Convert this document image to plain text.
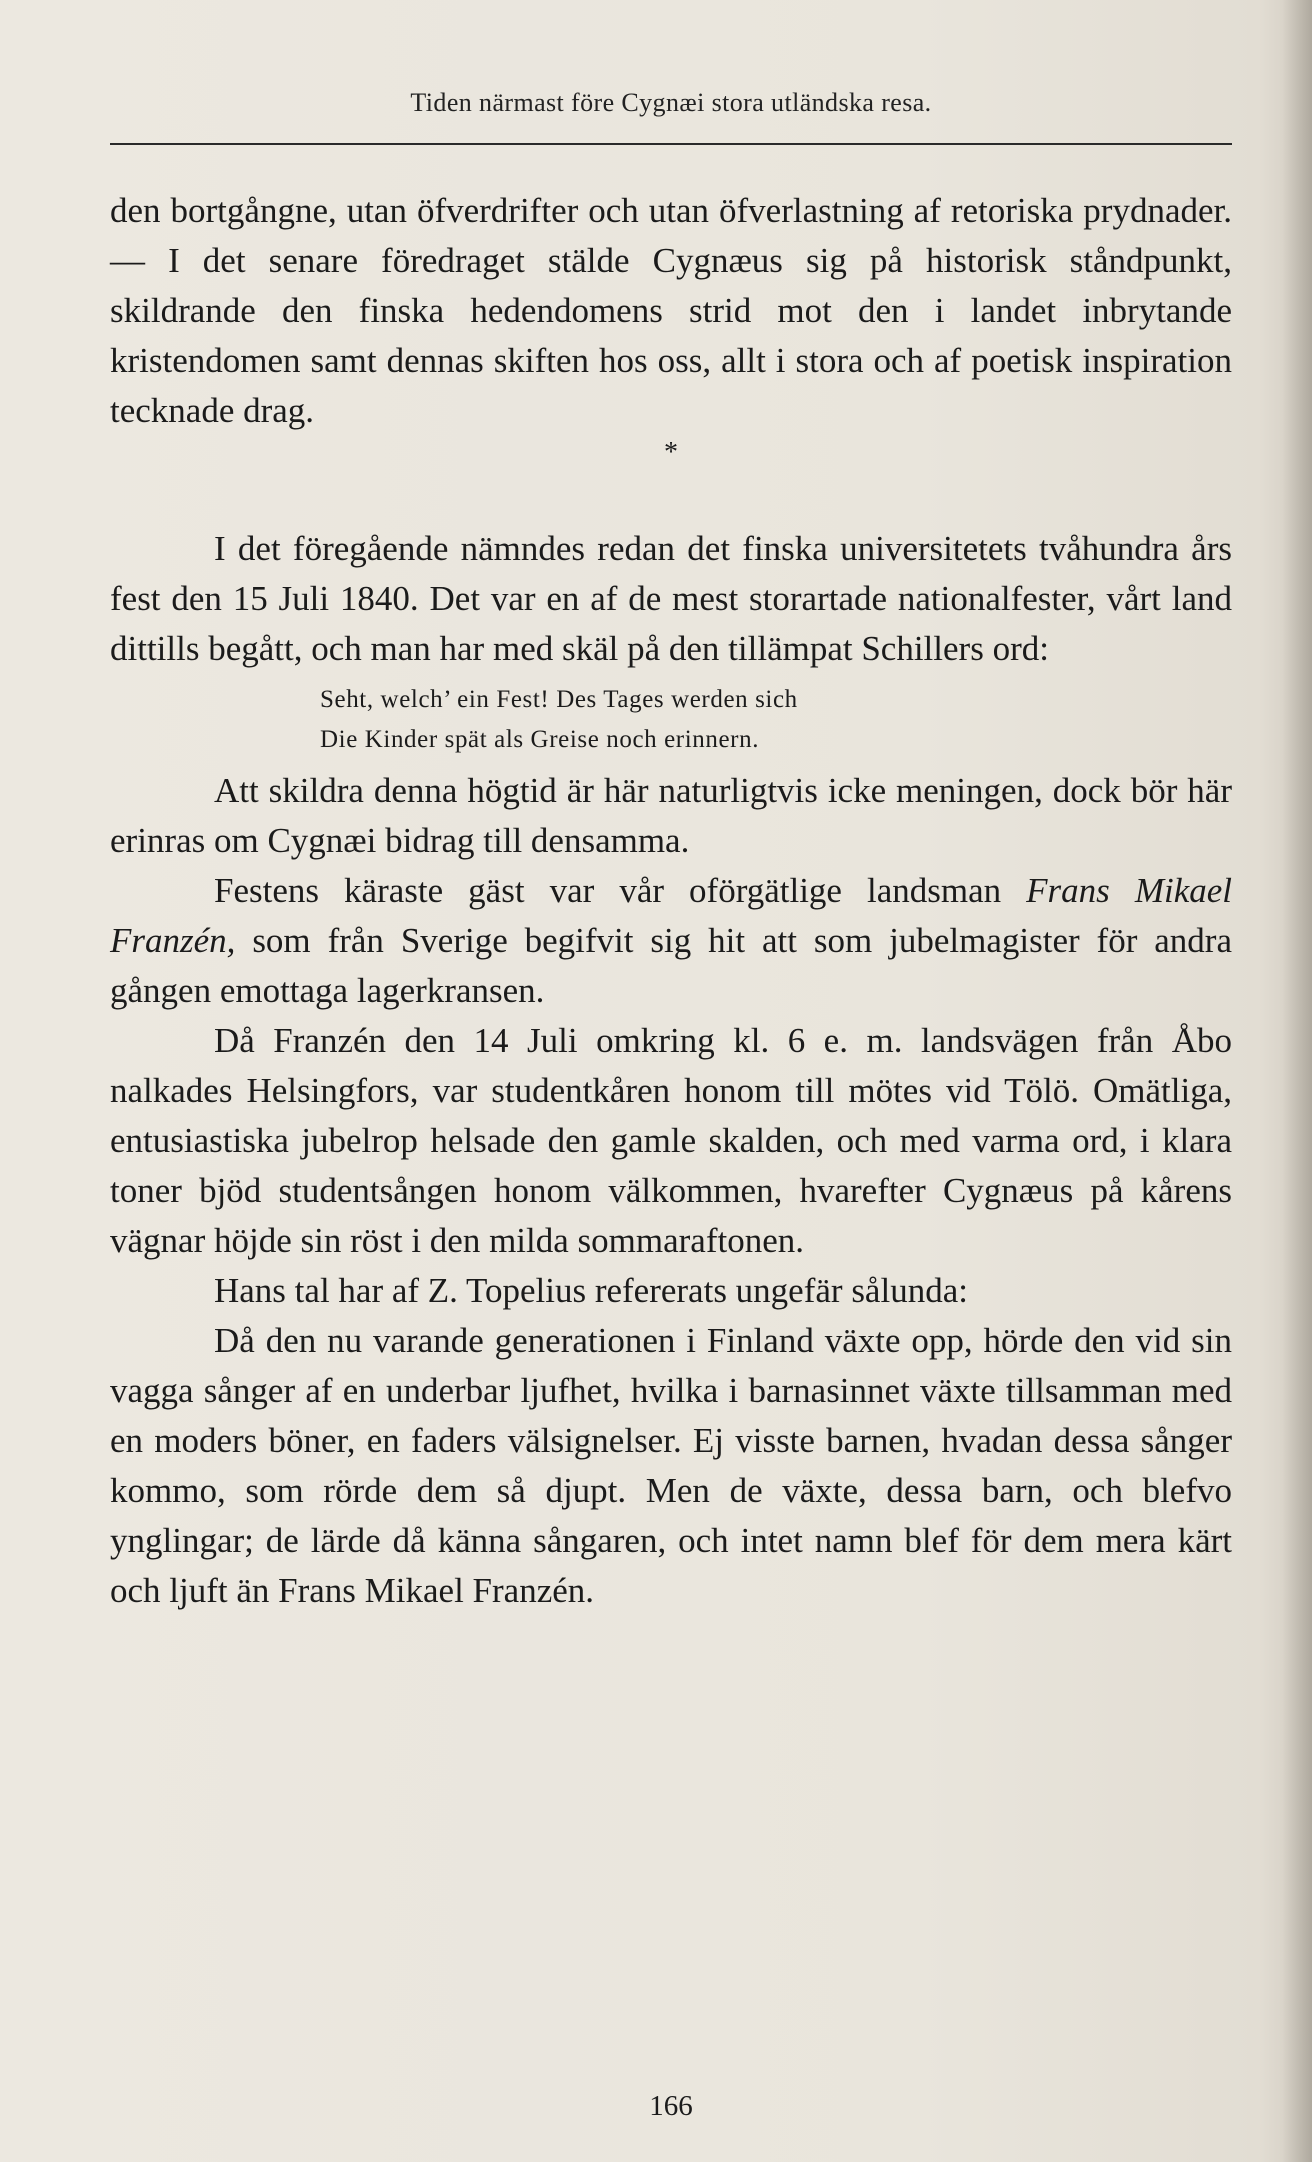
Tiden närmast före Cygnæi stora utländska resa.

den bortgångne, utan öfverdrifter och utan öfverlastning af retoriska prydnader. — I det senare föredraget stälde Cygnæus sig på historisk ståndpunkt, skildrande den finska hedendomens strid mot den i landet inbrytande kristendomen samt dennas skiften hos oss, allt i stora och af poetisk inspiration tecknade drag.

*

I det föregående nämndes redan det finska universitetets tvåhundra års fest den 15 Juli 1840. Det var en af de mest storartade nationalfester, vårt land dittills begått, och man har med skäl på den tillämpat Schillers ord:

Seht, welch’ ein Fest! Des Tages werden sich
Die Kinder spät als Greise noch erinnern.

Att skildra denna högtid är här naturligtvis icke meningen, dock bör här erinras om Cygnæi bidrag till densamma.

Festens käraste gäst var vår oförgätlige landsman Frans Mikael Franzén, som från Sverige begifvit sig hit att som jubelmagister för andra gången emottaga lagerkransen.

Då Franzén den 14 Juli omkring kl. 6 e. m. landsvägen från Åbo nalkades Helsingfors, var studentkåren honom till mötes vid Tölö. Omätliga, entusiastiska jubelrop helsade den gamle skalden, och med varma ord, i klara toner bjöd studentsången honom välkommen, hvarefter Cygnæus på kårens vägnar höjde sin röst i den milda sommaraftonen.

Hans tal har af Z. Topelius refererats ungefär sålunda:

Då den nu varande generationen i Finland växte opp, hörde den vid sin vagga sånger af en underbar ljufhet, hvilka i barnasinnet växte tillsamman med en moders böner, en faders välsignelser. Ej visste barnen, hvadan dessa sånger kommo, som rörde dem så djupt. Men de växte, dessa barn, och blefvo ynglingar; de lärde då känna sångaren, och intet namn blef för dem mera kärt och ljuft än Frans Mikael Franzén.

166
